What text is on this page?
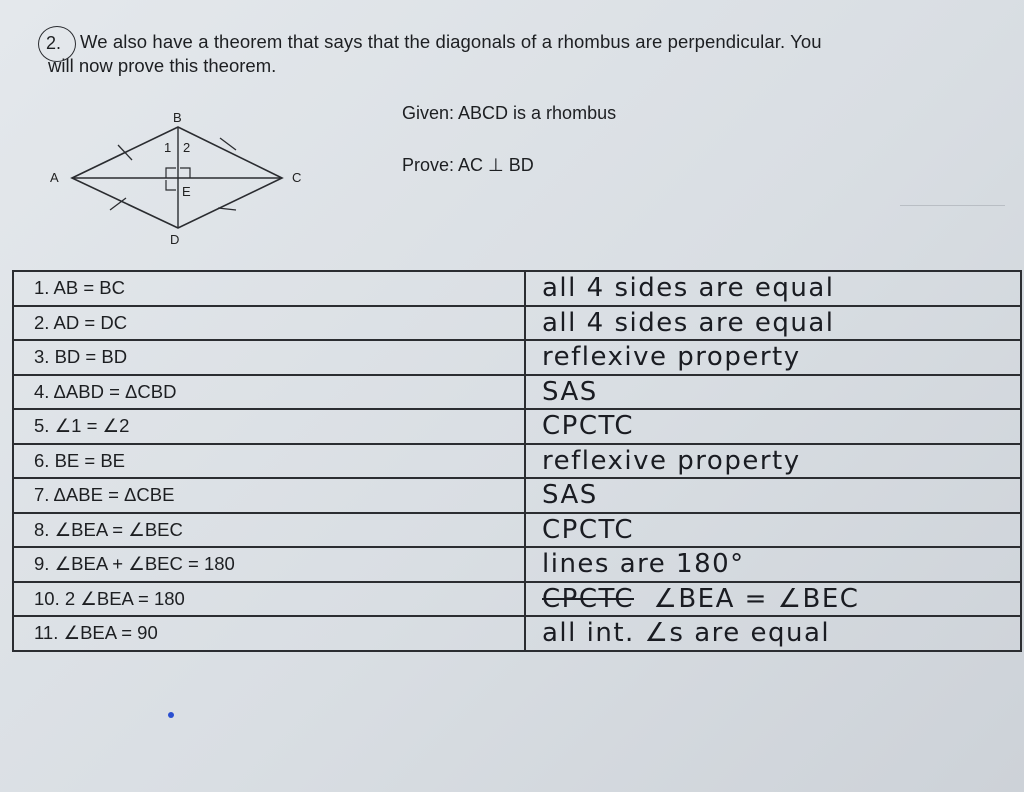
2. We also have a theorem that says that the diagonals of a rhombus are perpendicular. You
will now prove this theorem.
B
A	C
D
E
1 2
Given: ABCD is a rhombus
Prove: AC ⊥ BD
1. AB = BC	all 4 sides are equal
2. AD = DC	all 4 sides are equal
3. BD = BD	reflexive property
4. ΔABD = ΔCBD	SAS
5. ∠1 = ∠2	CPCTC
6. BE = BE	reflexive property
7. ΔABE = ΔCBE	SAS
8. ∠BEA = ∠BEC	CPCTC
9. ∠BEA + ∠BEC = 180	lines are 180°
10. 2 ∠BEA = 180	CPCTC ∠BEA = ∠BEC
11. ∠BEA = 90	all int. ∠s are equal
